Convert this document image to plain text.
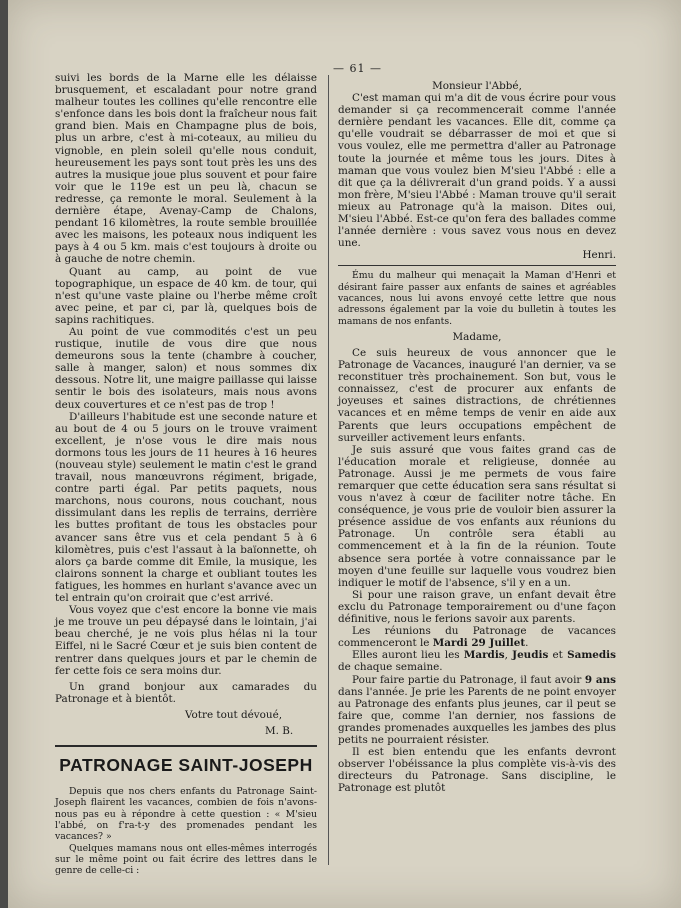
— 61 —

suivi les bords de la Marne elle les délaisse brusquement, et escaladant pour notre grand malheur toutes les collines qu'elle rencontre elle s'enfonce dans les bois dont la fraîcheur nous fait grand bien. Mais en Champagne plus de bois, plus un arbre, c'est à mi-coteaux, au milieu du vignoble, en plein soleil qu'elle nous conduit, heureusement les pays sont tout près les uns des autres la musique joue plus souvent et pour faire voir que le 119e est un peu là, chacun se redresse, ça remonte le moral. Seulement à la dernière étape, Avenay-Camp de Chalons, pendant 16 kilomètres, la route semble brouillée avec les maisons, les poteaux nous indiquent les pays à 4 ou 5 km. mais c'est toujours à droite ou à gauche de notre chemin.

Quant au camp, au point de vue topographique, un espace de 40 km. de tour, qui n'est qu'une vaste plaine ou l'herbe même croît avec peine, et par ci, par là, quelques bois de sapins rachitiques.

Au point de vue commodités c'est un peu rustique, inutile de vous dire que nous demeurons sous la tente (chambre à coucher, salle à manger, salon) et nous sommes dix dessous. Notre lit, une maigre paillasse qui laisse sentir le bois des isolateurs, mais nous avons deux couvertures et ce n'est pas de trop !

D'ailleurs l'habitude est une seconde nature et au bout de 4 ou 5 jours on le trouve vraiment excellent, je n'ose vous le dire mais nous dormons tous les jours de 11 heures à 16 heures (nouveau style) seulement le matin c'est le grand travail, nous manœuvrons régiment, brigade, contre parti égal. Par petits paquets, nous marchons, nous courons, nous couchant, nous dissimulant dans les replis de terrains, derrière les buttes profitant de tous les obstacles pour avancer sans être vus et cela pendant 5 à 6 kilomètres, puis c'est l'assaut à la baïonnette, oh alors ça barde comme dit Emile, la musique, les clairons sonnent la charge et oubliant toutes les fatigues, les hommes en hurlant s'avance avec un tel entrain qu'on croirait que c'est arrivé.

Vous voyez que c'est encore la bonne vie mais je me trouve un peu dépaysé dans le lointain, j'ai beau cherché, je ne vois plus hélas ni la tour Eiffel, ni le Sacré Cœur et je suis bien content de rentrer dans quelques jours et par le chemin de fer cette fois ce sera moins dur.

Un grand bonjour aux camarades du Patronage et à bientôt.

Votre tout dévoué,

M. B.

PATRONAGE SAINT-JOSEPH

Depuis que nos chers enfants du Patronage Saint-Joseph flairent les vacances, combien de fois n'avons-nous pas eu à répondre à cette question : « M'sieu l'abbé, on f'ra-t-y des promenades pendant les vacances? »

Quelques mamans nous ont elles-mêmes interrogés sur le même point ou fait écrire des lettres dans le genre de celle-ci :

Monsieur l'Abbé,

C'est maman qui m'a dit de vous écrire pour vous demander si ça recommencerait comme l'année dernière pendant les vacances. Elle dit, comme ça qu'elle voudrait se débarrasser de moi et que si vous voulez, elle me permettra d'aller au Patronage toute la journée et même tous les jours. Dites à maman que vous voulez bien M'sieu l'Abbé : elle a dit que ça la délivrerait d'un grand poids. Y a aussi mon frère, M'sieu l'Abbé : Maman trouve qu'il serait mieux au Patronage qu'à la maison. Dites oui, M'sieu l'Abbé. Est-ce qu'on fera des ballades comme l'année dernière : vous savez vous nous en devez une.

Henri.

Ému du malheur qui menaçait la Maman d'Henri et désirant faire passer aux enfants de saines et agréables vacances, nous lui avons envoyé cette lettre que nous adressons également par la voie du bulletin à toutes les mamans de nos enfants.

Madame,

Ce suis heureux de vous annoncer que le Patronage de Vacances, inauguré l'an dernier, va se reconstituer très prochainement. Son but, vous le connaissez, c'est de procurer aux enfants de joyeuses et saines distractions, de chrétiennes vacances et en même temps de venir en aide aux Parents que leurs occupations empêchent de surveiller activement leurs enfants.

Je suis assuré que vous faites grand cas de l'éducation morale et religieuse, donnée au Patronage. Aussi je me permets de vous faire remarquer que cette éducation sera sans résultat si vous n'avez à cœur de faciliter notre tâche. En conséquence, je vous prie de vouloir bien assurer la présence assidue de vos enfants aux réunions du Patronage. Un contrôle sera établi au commencement et à la fin de la réunion. Toute absence sera portée à votre connaissance par le moyen d'une feuille sur laquelle vous voudrez bien indiquer le motif de l'absence, s'il y en a un.

Si pour une raison grave, un enfant devait être exclu du Patronage temporairement ou d'une façon définitive, nous le ferions savoir aux parents.

Les réunions du Patronage de vacances commenceront le Mardi 29 Juillet.

Elles auront lieu les Mardis, Jeudis et Samedis de chaque semaine.

Pour faire partie du Patronage, il faut avoir 9 ans dans l'année. Je prie les Parents de ne point envoyer au Patronage des enfants plus jeunes, car il peut se faire que, comme l'an dernier, nos fassions de grandes promenades auxquelles les jambes des plus petits ne pourraient résister.

Il est bien entendu que les enfants devront observer l'obéissance la plus complète vis-à-vis des directeurs du Patronage. Sans discipline, le Patronage est plutôt
